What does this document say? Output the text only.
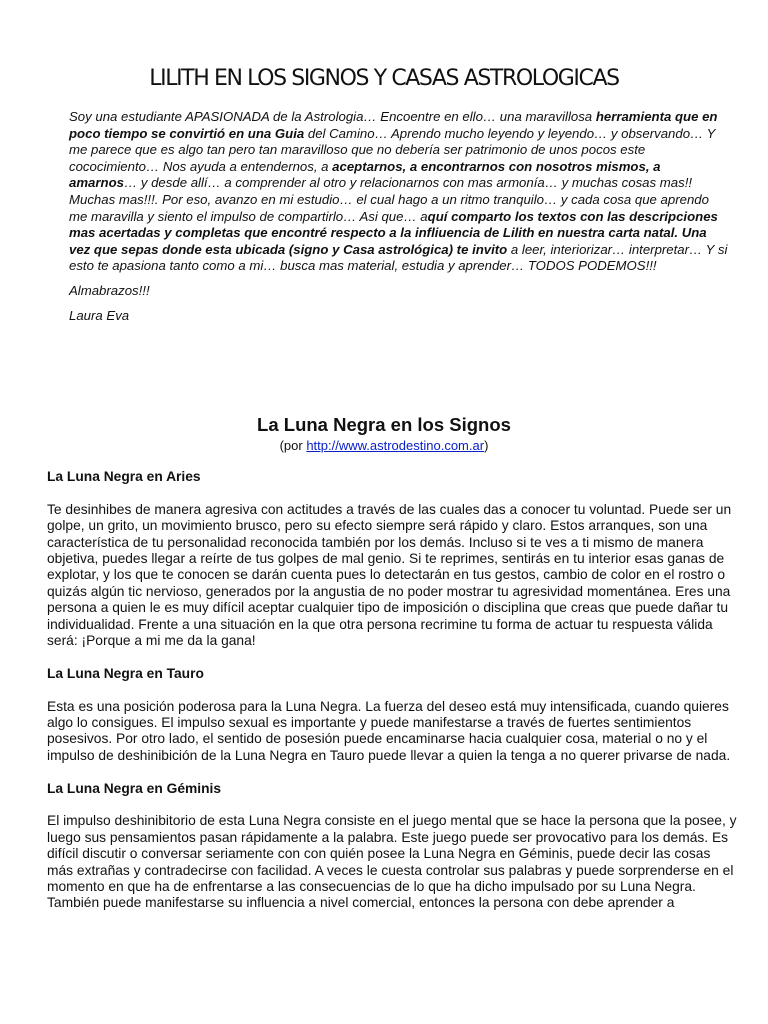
LILITH EN LOS SIGNOS Y CASAS ASTROLOGICAS

Soy una estudiante APASIONADA de la Astrologia… Encoentre en ello… una maravillosa herramienta que en poco tiempo se convirtió en una Guia del Camino… Aprendo mucho leyendo y leyendo… y observando… Y me parece que es algo tan pero tan maravilloso que no debería ser patrimonio de unos pocos este cococimiento… Nos ayuda a entendernos, a aceptarnos, a encontrarnos con nosotros mismos, a amarnos… y desde allí… a comprender al otro y relacionarnos con mas armonía… y muchas cosas mas!! Muchas mas!!!. Por eso, avanzo en mi estudio… el cual hago a un ritmo tranquilo… y cada cosa que aprendo me maravilla y siento el impulso de compartirlo… Asi que… aquí comparto los textos con las descripciones mas acertadas y completas que encontré respecto a la infliuencia de Lilith en nuestra carta natal. Una vez que sepas donde esta ubicada (signo y Casa astrológica) te invito a leer, interiorizar… interpretar… Y si esto te apasiona tanto como a mi… busca mas material, estudia y aprender… TODOS PODEMOS!!!

Almabrazos!!!

Laura Eva

La Luna Negra en los Signos
(por http://www.astrodestino.com.ar)
La Luna Negra en Aries

Te desinhibes de manera agresiva con actitudes a través de las cuales das a conocer tu voluntad. Puede ser un golpe, un grito, un movimiento brusco, pero su efecto siempre será rápido y claro. Estos arranques, son una característica de tu personalidad reconocida también por los demás. Incluso si te ves a ti mismo de manera objetiva, puedes llegar a reírte de tus golpes de mal genio. Si te reprimes, sentirás en tu interior esas ganas de explotar, y los que te conocen se darán cuenta pues lo detectarán en tus gestos, cambio de color en el rostro o quizás algún tic nervioso, generados por la angustia de no poder mostrar tu agresividad momentánea. Eres una persona a quien le es muy difícil aceptar cualquier tipo de imposición o disciplina que creas que puede dañar tu individualidad. Frente a una situación en la que otra persona recrimine tu forma de actuar tu respuesta válida será: ¡Porque a mi me da la gana!

La Luna Negra en Tauro

Esta es una posición poderosa para la Luna Negra. La fuerza del deseo está muy intensificada, cuando quieres algo lo consigues. El impulso sexual es importante y puede manifestarse a través de fuertes sentimientos posesivos. Por otro lado, el sentido de posesión puede encaminarse hacia cualquier cosa, material o no y el impulso de deshinibición de la Luna Negra en Tauro puede llevar a quien la tenga a no querer privarse de nada.

La Luna Negra en Géminis

El impulso deshinibitorio de esta Luna Negra consiste en el juego mental que se hace la persona que la posee, y luego sus pensamientos pasan rápidamente a la palabra. Este juego puede ser provocativo para los demás. Es difícil discutir o conversar seriamente con con quién posee la Luna Negra en Géminis, puede decir las cosas más extrañas y contradecirse con facilidad. A veces le cuesta controlar sus palabras y puede sorprenderse en el momento en que ha de enfrentarse a las consecuencias de lo que ha dicho impulsado por su Luna Negra. También puede manifestarse su influencia a nivel comercial, entonces la persona con debe aprender a
